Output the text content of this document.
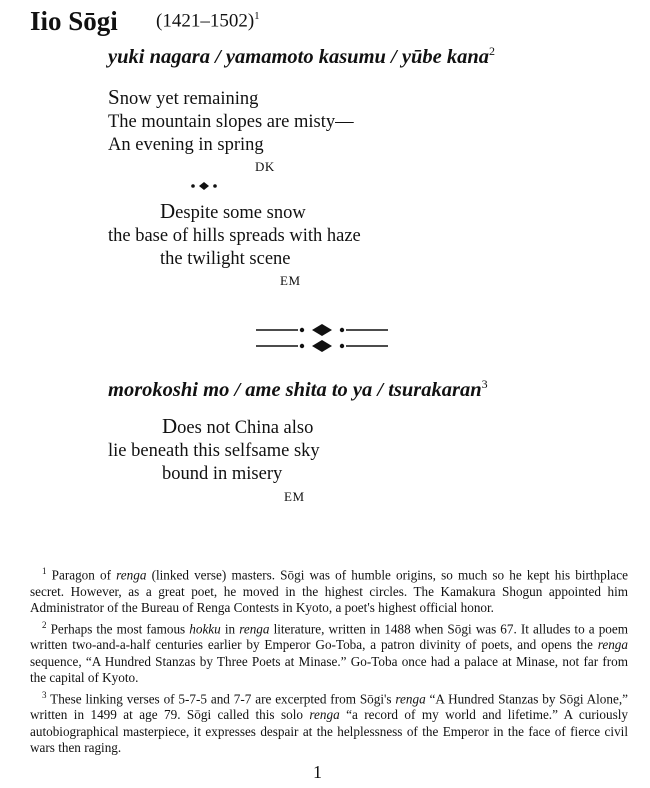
Iio Sōgi (1421–1502)$^1$
yuki nagara / yamamoto kasumu / yūbe kana$^2$
Snow yet remaining
The mountain slopes are misty—
An evening in spring
DK
Despite some snow
the base of hills spreads with haze
the twilight scene
EM
morokoshi mo / ame shita to ya / tsurakaran$^3$
Does not China also
lie beneath this selfsame sky
bound in misery
EM

$^1$ Paragon of renga (linked verse) masters. Sōgi was of humble origins, so much so he kept his birthplace secret. However, as a great poet, he moved in the highest circles. The Kamakura Shogun appointed him Administrator of the Bureau of Renga Contests in Kyoto, a poet's highest official honor.

$^2$ Perhaps the most famous hokku in renga literature, written in 1488 when Sōgi was 67. It alludes to a poem written two-and-a-half centuries earlier by Emperor Go-Toba, a patron divinity of poets, and opens the renga sequence, “A Hundred Stanzas by Three Poets at Minase.” Go-Toba once had a palace at Minase, not far from the capital of Kyoto.

$^3$ These linking verses of 5-7-5 and 7-7 are excerpted from Sōgi's renga “A Hundred Stanzas by Sōgi Alone,” written in 1499 at age 79. Sōgi called this solo renga “a record of my world and lifetime.” A curiously autobiographical masterpiece, it expresses despair at the helplessness of the Emperor in the face of fierce civil wars then raging.

1
